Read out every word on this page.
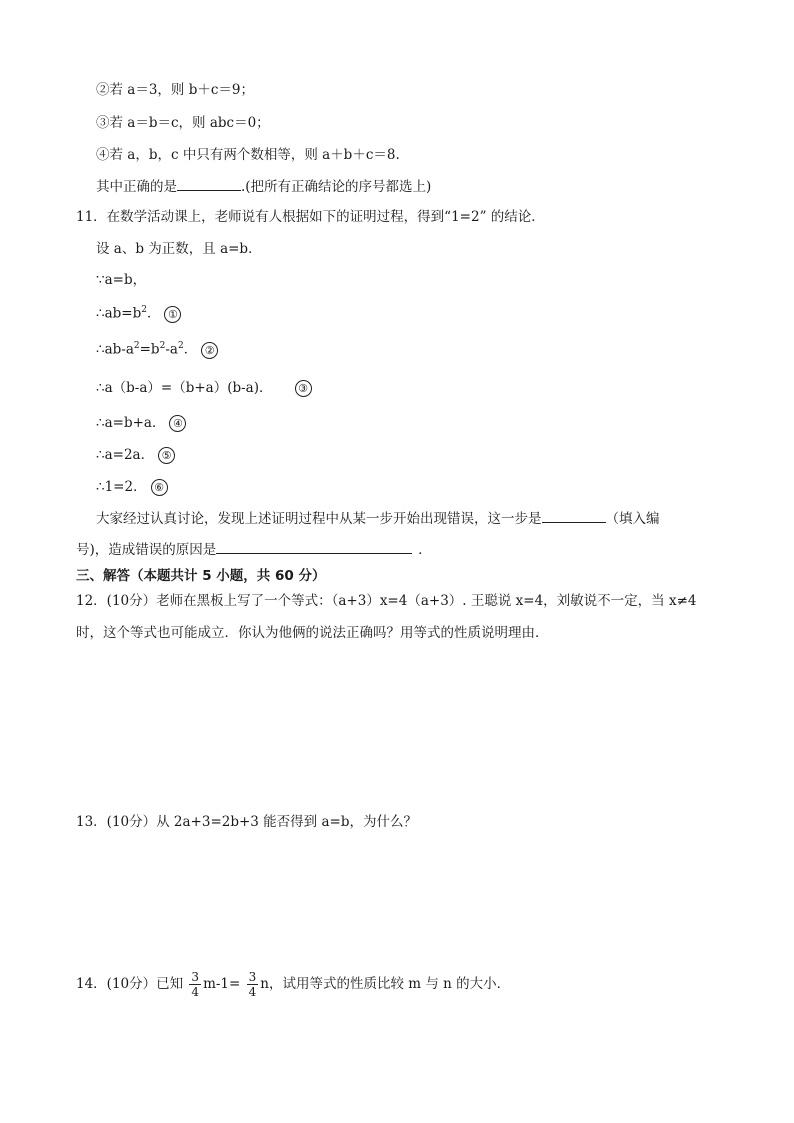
②若 a＝3，则 b＋c＝9；
③若 a＝b＝c，则 abc＝0；
④若 a，b，c 中只有两个数相等，则 a＋b＋c＝8.
其中正确的是	.(把所有正确结论的序号都选上)
11．在数学活动课上，老师说有人根据如下的证明过程，得到“1=2” 的结论．
设 a、b 为正数，且 a=b．
∵a=b，
$\therefore ab=b^2$． ①
$\therefore ab-a^2=b^2-a^2$． ②
∴a（b-a）=（b+a）(b-a)． ③
∴a=b+a． ④
∴a=2a． ⑤
∴1=2． ⑥
大家经过认真讨论，发现上述证明过程中从某一步开始出现错误，这一步是	（填入编
号)，造成错误的原因是	．
三、解答（本题共计 5 小题，共 60 分）
12．(10分）老师在黑板上写了一个等式：（a+3）x=4（a+3）. 王聪说 x=4，刘敏说不一定，当 x≠4
时，这个等式也可能成立．你认为他俩的说法正确吗？用等式的性质说明理由．
13．(10分）从 2a+3=2b+3 能否得到 a=b，为什么？
14．(10分）已知 $\frac{3}{4} m-1= \frac{3}{4}$ n，试用等式的性质比较 m 与 n 的大小．
